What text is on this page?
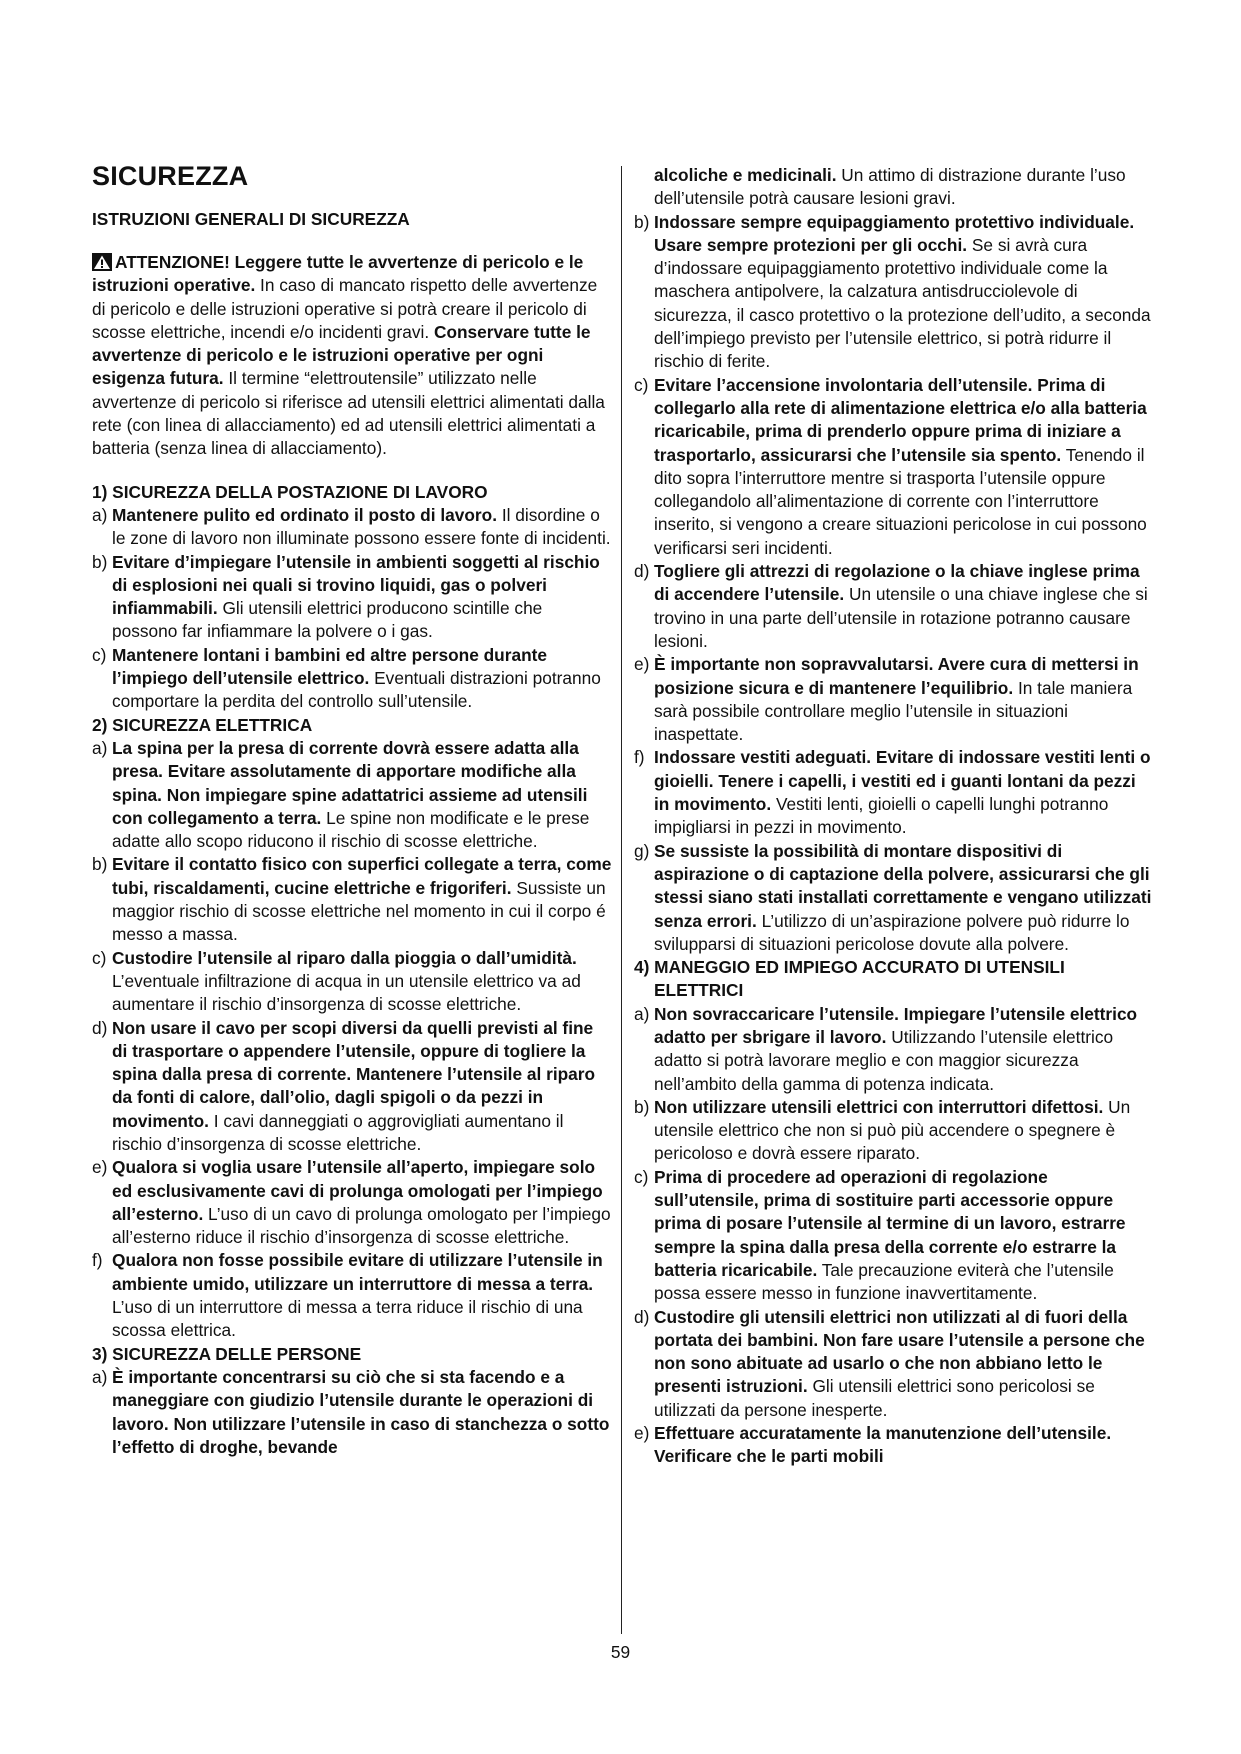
SICUREZZA
ISTRUZIONI GENERALI DI SICUREZZA

ATTENZIONE! Leggere tutte le avvertenze di pericolo e le istruzioni operative. In caso di mancato rispetto delle avvertenze di pericolo e delle istruzioni operative si potrà creare il pericolo di scosse elettriche, incendi e/o incidenti gravi. Conservare tutte le avvertenze di pericolo e le istruzioni operative per ogni esigenza futura. Il termine “elettroutensile” utilizzato nelle avvertenze di pericolo si riferisce ad utensili elettrici alimentati dalla rete (con linea di allacciamento) ed ad utensili elettrici alimentati a batteria (senza linea di allacciamento).

1) SICUREZZA DELLA POSTAZIONE DI LAVORO

a) Mantenere pulito ed ordinato il posto di lavoro. Il disordine o le zone di lavoro non illuminate possono essere fonte di incidenti.

b) Evitare d’impiegare l’utensile in ambienti soggetti al rischio di esplosioni nei quali si trovino liquidi, gas o polveri infiammabili. Gli utensili elettrici producono scintille che possono far infiammare la polvere o i gas.

c) Mantenere lontani i bambini ed altre persone durante l’impiego dell’utensile elettrico. Eventuali distrazioni potranno comportare la perdita del controllo sull’utensile.

2) SICUREZZA ELETTRICA

a) La spina per la presa di corrente dovrà essere adatta alla presa. Evitare assolutamente di apportare modifiche alla spina. Non impiegare spine adattatrici assieme ad utensili con collegamento a terra. Le spine non modificate e le prese adatte allo scopo riducono il rischio di scosse elettriche.

b) Evitare il contatto fisico con superfici collegate a terra, come tubi, riscaldamenti, cucine elettriche e frigoriferi. Sussiste un maggior rischio di scosse elettriche nel momento in cui il corpo é messo a massa.

c) Custodire l’utensile al riparo dalla pioggia o dall’umidità. L’eventuale infiltrazione di acqua in un utensile elettrico va ad aumentare il rischio d’insorgenza di scosse elettriche.

d) Non usare il cavo per scopi diversi da quelli previsti al fine di trasportare o appendere l’utensile, oppure di togliere la spina dalla presa di corrente. Mantenere l’utensile al riparo da fonti di calore, dall’olio, dagli spigoli o da pezzi in movimento. I cavi danneggiati o aggrovigliati aumentano il rischio d’insorgenza di scosse elettriche.

e) Qualora si voglia usare l’utensile all’aperto, impiegare solo ed esclusivamente cavi di prolunga omologati per l’impiego all’esterno. L’uso di un cavo di prolunga omologato per l’impiego all’esterno riduce il rischio d’insorgenza di scosse elettriche.

f) Qualora non fosse possibile evitare di utilizzare l’utensile in ambiente umido, utilizzare un interruttore di messa a terra. L’uso di un interruttore di messa a terra riduce il rischio di una scossa elettrica.

3) SICUREZZA DELLE PERSONE

a) È importante concentrarsi su ciò che si sta facendo e a maneggiare con giudizio l’utensile durante le operazioni di lavoro. Non utilizzare l’utensile in caso di stanchezza o sotto l’effetto di droghe, bevande

alcoliche e medicinali. Un attimo di distrazione durante l’uso dell’utensile potrà causare lesioni gravi.

b) Indossare sempre equipaggiamento protettivo individuale. Usare sempre protezioni per gli occhi. Se si avrà cura d’indossare equipaggiamento protettivo individuale come la maschera antipolvere, la calzatura antisdrucciolevole di sicurezza, il casco protettivo o la protezione dell’udito, a seconda dell’impiego previsto per l’utensile elettrico, si potrà ridurre il rischio di ferite.

c) Evitare l’accensione involontaria dell’utensile. Prima di collegarlo alla rete di alimentazione elettrica e/o alla batteria ricaricabile, prima di prenderlo oppure prima di iniziare a trasportarlo, assicurarsi che l’utensile sia spento. Tenendo il dito sopra l’interruttore mentre si trasporta l’utensile oppure collegandolo all’alimentazione di corrente con l’interruttore inserito, si vengono a creare situazioni pericolose in cui possono verificarsi seri incidenti.

d) Togliere gli attrezzi di regolazione o la chiave inglese prima di accendere l’utensile. Un utensile o una chiave inglese che si trovino in una parte dell’utensile in rotazione potranno causare lesioni.

e) È importante non sopravvalutarsi. Avere cura di mettersi in posizione sicura e di mantenere l’equilibrio. In tale maniera sarà possibile controllare meglio l’utensile in situazioni inaspettate.

f) Indossare vestiti adeguati. Evitare di indossare vestiti lenti o gioielli. Tenere i capelli, i vestiti ed i guanti lontani da pezzi in movimento. Vestiti lenti, gioielli o capelli lunghi potranno impigliarsi in pezzi in movimento.

g) Se sussiste la possibilità di montare dispositivi di aspirazione o di captazione della polvere, assicurarsi che gli stessi siano stati installati correttamente e vengano utilizzati senza errori. L’utilizzo di un’aspirazione polvere può ridurre lo svilupparsi di situazioni pericolose dovute alla polvere.

4) MANEGGIO ED IMPIEGO ACCURATO DI UTENSILI ELETTRICI

a) Non sovraccaricare l’utensile. Impiegare l’utensile elettrico adatto per sbrigare il lavoro. Utilizzando l’utensile elettrico adatto si potrà lavorare meglio e con maggior sicurezza nell’ambito della gamma di potenza indicata.

b) Non utilizzare utensili elettrici con interruttori difettosi. Un utensile elettrico che non si può più accendere o spegnere è pericoloso e dovrà essere riparato.

c) Prima di procedere ad operazioni di regolazione sull’utensile, prima di sostituire parti accessorie oppure prima di posare l’utensile al termine di un lavoro, estrarre sempre la spina dalla presa della corrente e/o estrarre la batteria ricaricabile. Tale precauzione eviterà che l’utensile possa essere messo in funzione inavvertitamente.

d) Custodire gli utensili elettrici non utilizzati al di fuori della portata dei bambini. Non fare usare l’utensile a persone che non sono abituate ad usarlo o che non abbiano letto le presenti istruzioni. Gli utensili elettrici sono pericolosi se utilizzati da persone inesperte.

e) Effettuare accuratamente la manutenzione dell’utensile. Verificare che le parti mobili

59
